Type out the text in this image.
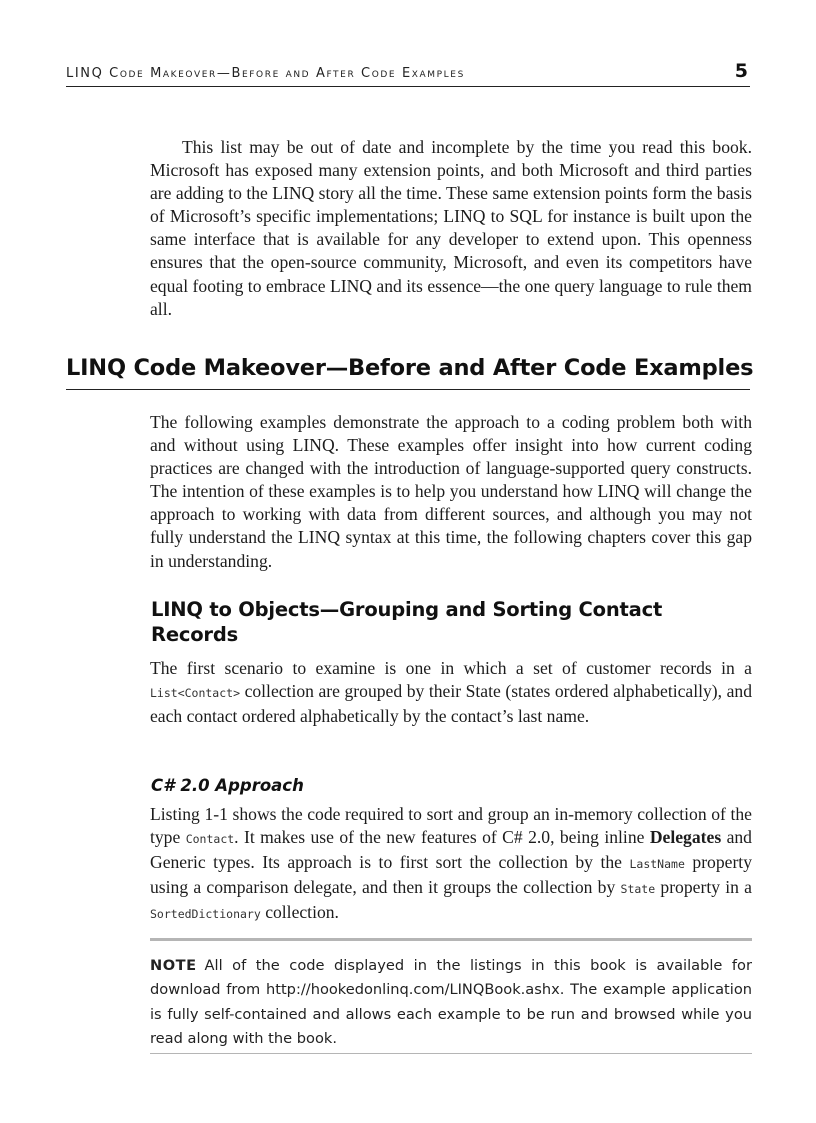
LINQ Code Makeover—Before and After Code Examples	5

This list may be out of date and incomplete by the time you read this book. Microsoft has exposed many extension points, and both Microsoft and third parties are adding to the LINQ story all the time. These same extension points form the basis of Microsoft’s specific implementations; LINQ to SQL for instance is built upon the same interface that is available for any developer to extend upon. This openness ensures that the open-source community, Microsoft, and even its competitors have equal footing to embrace LINQ and its essence—the one query language to rule them all.

LINQ Code Makeover—Before and After Code Examples

The following examples demonstrate the approach to a coding problem both with and without using LINQ. These examples offer insight into how current coding practices are changed with the introduction of language-supported query constructs. The intention of these examples is to help you understand how LINQ will change the approach to working with data from different sources, and although you may not fully understand the LINQ syntax at this time, the following chapters cover this gap in understanding.

LINQ to Objects—Grouping and Sorting Contact Records

The first scenario to examine is one in which a set of customer records in a List<Contact> collection are grouped by their State (states ordered alphabetically), and each contact ordered alphabetically by the contact’s last name.

C# 2.0 Approach

Listing 1-1 shows the code required to sort and group an in-memory collection of the type Contact. It makes use of the new features of C# 2.0, being inline Delegates and Generic types. Its approach is to first sort the collection by the LastName property using a comparison delegate, and then it groups the collection by State property in a SortedDictionary collection.

NOTE All of the code displayed in the listings in this book is available for download from http://hookedonlinq.com/LINQBook.ashx. The example application is fully self-contained and allows each example to be run and browsed while you read along with the book.
